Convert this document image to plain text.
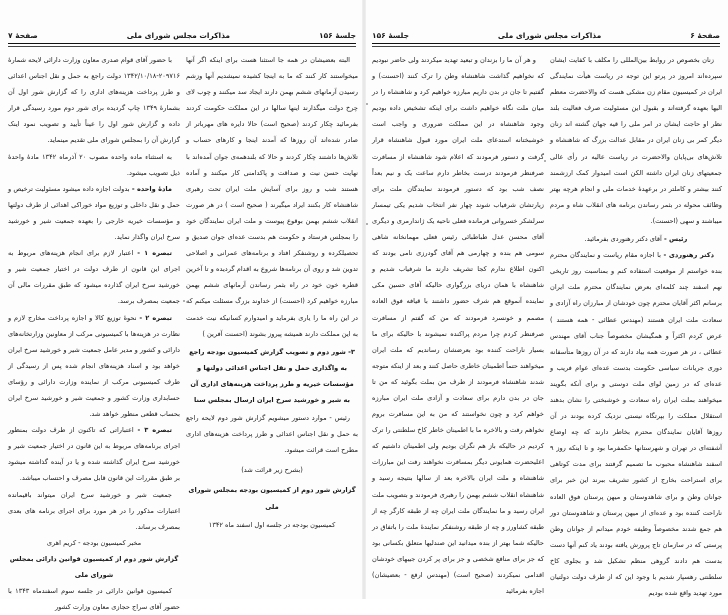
جلسهٔ ۱۵۶
مذاکرات مجلس شورای ملی
صفحهٔ ۷

البته بعضیشان در همه جا استثنا هست برای اینکه اگر آنها میخواستند کار کنند که ما به اینجا کشیده نمیشدیم آنها وزشم رسیدن آرمانهای ششم بهمن دارند ایجاد سد میکنند و چوب لای چرخ دولت میگذارند اینها سالها در این مملکت حکومت کردند بفرمائید چکار کردند (صحیح است) حالا دایره های مهرباتر از صادر شده‌اند آن روزها که آمدند اینجا و کارهای حساب و تلاش‌ها داشتند چکار کردند و حالا که بلند‌همه‌ی جوان آمده‌اند با نهایت حسن نیت و صداقت و پاکدامنی کار میکنند و آماده هستند شب و روز برای آسایش ملت ایران تحت رهبری شاهنشاه کار بکنند ایراد میگیرند ( صحیح است ) در هر صورت انقلاب ششم بهمن بوقوع پیوست و ملت ایران نمایندگان خود را بمجلس فرستاد و حکومت هم بدست عده‌ای جوان صدیق و تحصیلکرده و روشنفکر افتاد و برنامه‌های عمرانی و اصلاحی تدوین شد و روی آن برنامه‌ها شروع به اقدام گردیده و تا آخرین قطره خون خود در راه بثمر رساندن آرمانهای ششم بهمن مبارزه خواهیم کرد (احسنت) از خداوند بزرگ مسئلت میکنم که در این راه ما را یاری بفرماید و امیدوارم کسانیکه نیت خدمت به این مملکت دارند همیشه پیروز بشوند (احسنت آفرین )

۳- شور دوم و تصویب گزارش کمیسیون بودجه راجع به واگذاری حمل و نقل اجناس اعدائی دولتها و مؤسسات خیریه و طرز پرداخت هزینه‌های اداری آن به شیر و خورشید سرخ ایران ارسال بمجلس سنا

رئیس - موارد دستور میشویم گزارش شور دوم لایحه راجع به حمل و نقل اجناس اعدائی و طرز پرداخت هزینه‌های اداری مطرح است قرائت میشود.

(بشرح زیر قرائت شد)

گزارش شور دوم از کمیسیون بودجه بمجلس شورای ملی

کمیسیون بودجه در جلسه اول اسفند ماه ۱۳۴۲

با حضور آقای قوام صدری معاون وزارت دارائی لایحه شمارهٔ ۲۰۹۷۱۶-۱۳۴۲/۱۰/۱۸ دولت راجع به حمل و نقل اجناس اعدائی و طرز پرداخت هزینه‌های اداری را که گزارش شور اول آن بشمارهٔ ۱۳۴۹ چاپ گردیده برای شور دوم مورد رسیدگی قرار داده و گزارش شور اول را عیناً تأیید و تصویب نمود اینک گزارش آن را بمجلس شورای ملی تقدیم مینماید.

به استثناء ماده واحده مصوب ۲۰ آذرماه ۱۳۴۲ مادهٔ واحدهٔ ذیل تصویب میشود.

مادهٔ واحده - بدولت اجازه داده میشود مسئولیت ترخیص و حمل و نقل داخلی و توزیع مواد خوراکی اهدائی از طرف دولتها و مؤسسات خیریه خارجی را بعهده جمعیت شیر و خورشید سرخ ایران واگذار نماید.

تبصره ۱ - اعتبار لازم برای انجام هزینه‌های مربوط به اجرای این قانون از طرف دولت در اختیار جمعیت شیر و خورشید سرخ ایران گذارده میشود که طبق مقررات مالی آن جمعیت بمصرف برسد.

تبصره ۲ - نحوهٔ توزیع کالا و اجازه پرداخت مخارج لازم و نظارت در هزینه‌ها با کمیسیونی مرکب از معاونین وزارتخانه‌های دارائی و کشور و مدیر عامل جمعیت شیر و خورشید سرخ ایران خواهد بود و اسناد هزینه‌های انجام شده پس از رسیدگی از طرف کمیسیونی مرکب از نماینده وزارت دارائی و رؤسای حسابداری وزارت کشور و جمعیت شیر و خورشید سرخ ایران بحساب قطعی منظور خواهد شد.

تبصره ۳ - اعتباراتی که تاکنون از طرف دولت بمنظور اجرای برنامه‌های مربوط به این قانون در اختیار جمعیت شیر و خورشید سرخ ایران گذاشته شده و یا در آینده گذاشته میشود بر طبق مقررات این قانون قابل مصرف و احتساب میباشد.

جمعیت شیر و خورشید سرخ ایران میتواند باقیمانده اعتبارات مذکور را در هر مورد برای اجرای برنامه های بعدی بمصرف برساند.

مخبر کمیسیون بودجه - کریم اهری

گزارش شور دوم از کمیسیون قوانین دارائی بمجلس شورای ملی

کمیسیون قوانین دارائی در جلسه سوم اسفندماه ۱۳۴۳ با حضور آقای سراج حجازی معاون وزارت کشور

صفحهٔ ۶
مذاکرات مجلس شورای ملی
جلسهٔ ۱۵۶

زنان بخصوص در روابط بین‌المللی را مکلف با کفایت ایشان سپرده‌اند امروز در پرتو این توجه در ریاست هیأت نمایندگی ایران در کمیسیون مقام زن مشکی هست که والاحضرت معظم الیها بعهده گرفته‌اند و بقبول این مسئولیت صرف فعالیت بلند نظر او حاجت ایشان در امر ملی را قیه جهان گشته اند زنان دیگر کمر بی زنان ایران در مقابل عدالت بزرگ که شاهنشاه و تلاش‌های بی‌پایان والاحضرت در ریاست عالیه در رأی عالی جمعیتهای زنان ایران داشته الکن است امیدوار کمک ارزشمند کنند بیشتر و کاملتر در برعهدهٔ خدمات ملی و انجام هرچه بهتر وظائف محوله در بثمر رساندن برنامه های انقلاب شاه و مردم میباشند و سهی (احسنت).

رئیس - آقای دکتر رهنوردی بفرمائید.

دکتر رهنوردی - با اجازه مقام ریاست و نمایندگان محترم بنده خواستم از موقعیت استفاده کنم و بمناسبت روز تاریخی نهم اسفند چند کلمه‌ای بعرض نمایندگان محترم ملت ایران برسانم اکثر آقایان محترم چون خودشان از مبارزان راه آزادی و سعادت ملت ایران هستند (مهندس عطائی - همه هستند ) عرض کردم اکثراً و همگیشان مخصوصاً جناب آقای مهندس عطائی ، در هر صورت همه بیاد دارند که در آن روزها متأسفانه دوری جریانات سیاسی حکومت بدست عده‌ای عوام فریب و عده‌ای که در زمین لوای ملت دوستی و برای آنکه بگویند میخواهند بملت ایران راه سعادت و خوشبختی را نشان بدهند استقلال مملکت را بپرتگاه نیستی نزدیک کرده بودند در آن روزها آقایان نمایندگان محترم بخاطر دارند که چه اوضاع آشفته‌ای در تهران و شهرستانها حکمفرما بود و تا اینکه روز ۹ اسفند شاهنشاه محبوب ما تصمیم گرفتند برای مدت کوتاهی برای استراحت بخارج از کشور تشریف ببرند این خبر برای جوانان وطن و برای شاهدوستان و میهن پرستان فوق العاده ناراحت کننده بود و عده‌ای از میهن پرستان و شاهدوستان دور هم جمع شدند مخصوصاً وظیفه خودم میدانم از جوانان وطن پرستی که در سازمان تاج پرورش یافته بودند یاد کنم آنها دست بدست هم دادند گروهی منظم تشکیل شد و بجلوی کاخ سلطنتی رهسپار شدیم با وجود این که از طرف دولت دولتیان مورد تهدید واقع شده بودیم

و هر آن ما را بزندان و تبعید تهدید میکردند ولی حاضر نبودیم که نخواهیم گذاشت شاهنشاه وطن را ترک کنند (احسنت) و گفتیم تا جان در بدن داریم مبارزه خواهیم کرد و شاهنشاه را در میان ملت نگاه خواهیم داشت برای اینکه تشخیص داده بودیم وجود شاهنشاه در این مملکت ضروری و واجب است خوشبختانه استدعای ملت ایران مورد قبول شاهنشاه قرار گرفت و دستور فرمودند که اعلام شود شاهنشاه از مسافرت صرفنظر فرمودند درست بخاطر دارم ساعت یک و نیم بعداً نصف شب بود که دستور فرمودند نمایندگان ملت برای زیارتشان شرفیاب شوند چهار نفر انتخاب شدیم یکی تیمسار سرلشکر خسروانی فرمانده فعلی ناحیه یک ژاندارمری و دیگری آقای محسن عدل طباطبائی رئیس فعلی مهمانخانه شاهی سومی هم بنده و چهارمی هم آقای گودرزی نامی بودند که اکنون اطلاع ندارم کجا تشریف دارند ما شرفیاب شدیم و شاهنشاه با همان دریای بزرگواری حالیکه آقای حسین مکی نماینده آنموقع هم شرف حضور داشتند با قیافه فوق العاده مصمم و خونسرد فرمودند که من که گفتم از مسافرت صرفنظر کردم چرا مردم پراکنده نمیشوند با حالیکه برای ما بسیار ناراحت کننده بود بعرضشان رساندیم که ملت ایران میخواهند حتماً اطمینان خاطری حاصل کنند و بعد از اینکه متوجه شدند شاهنشاه فرمودند از طرف من بملت بگوئید که من تا جان در بدن دارم برای سعادت و آزادی ملت ایران مبارزه خواهم کرد و چون نخواستند که من به این مسافرت بروم نخواهم رفت و بالاخره ما با اطمینان خاطر کاخ سلطنتی را ترک کردیم در حالیکه باز هم نگران بودیم ولی اطمینان داشتیم که اعلیحضرت همایونی دیگر بمسافرت نخواهند رفت این مبارزات شاهنشاه و ملت ایران بالاخره بعد از سالها بنتیجه رسید و شاهنشاه انقلاب ششم بهمن را رهبری فرمودند و بتصویب ملت ایران رسید و ما نمایندگان ملت ایران چه از طبقه کارگر چه از طبقه کشاورز و چه از طبقه روشنفکر نمایندهٔ ملت را باتفاق در حالیکه شما بهتر از بنده میدانید این صندلیها متعلق بکسانی بود که جز برای منافع شخصی و جز برای پر کردن جیبهای خودشان اقدامی نمیکردند (صحیح است) (مهندس ارفع - بعضیشان) اجازه بفرمائید
